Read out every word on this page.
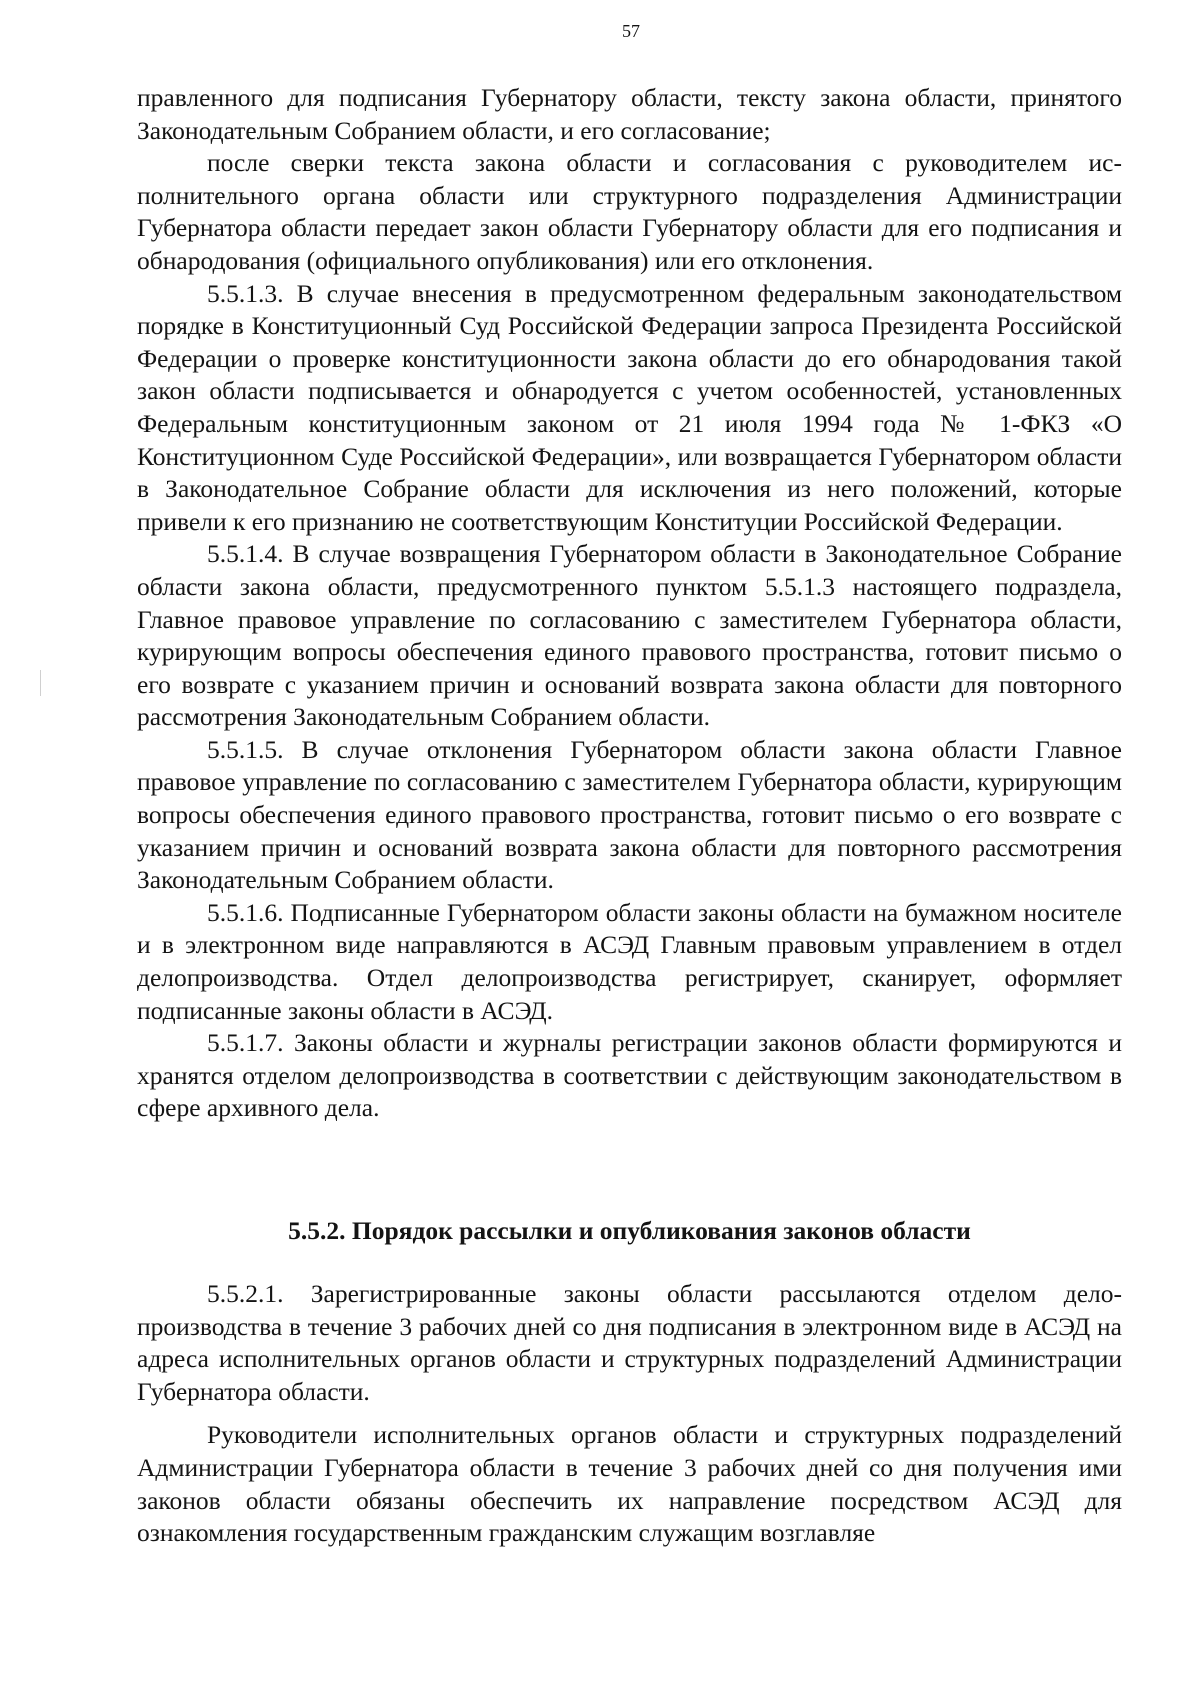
57

правленного для подписания Губернатору области, тексту закона области, принятого Законодательным Собранием области, и его согласование;

после сверки текста закона области и согласования с руководителем исполнительного органа области или структурного подразделения Администрации Губернатора области передает закон области Губернатору области для его подписания и обнародования (официального опубликования) или его отклонения.

5.5.1.3. В случае внесения в предусмотренном федеральным законодательством порядке в Конституционный Суд Российской Федерации запроса Президента Российской Федерации о проверке конституционности закона области до его обнародования такой закон области подписывается и обнародуется с учетом особенностей, установленных Федеральным конституционным законом от 21 июля 1994 года № 1-ФКЗ «О Конституционном Суде Российской Федерации», или возвращается Губернатором области в Законодательное Собрание области для исключения из него положений, которые привели к его признанию не соответствующим Конституции Российской Федерации.

5.5.1.4. В случае возвращения Губернатором области в Законодательное Собрание области закона области, предусмотренного пунктом 5.5.1.3 настоящего подраздела, Главное правовое управление по согласованию с заместителем Губернатора области, курирующим вопросы обеспечения единого правового пространства, готовит письмо о его возврате с указанием причин и оснований возврата закона области для повторного рассмотрения Законодательным Собранием области.

5.5.1.5. В случае отклонения Губернатором области закона области Главное правовое управление по согласованию с заместителем Губернатора области, курирующим вопросы обеспечения единого правового пространства, готовит письмо о его возврате с указанием причин и оснований возврата закона области для повторного рассмотрения Законодательным Собранием области.

5.5.1.6. Подписанные Губернатором области законы области на бумажном носителе и в электронном виде направляются в АСЭД Главным правовым управлением в отдел делопроизводства. Отдел делопроизводства регистрирует, сканирует, оформляет подписанные законы области в АСЭД.

5.5.1.7. Законы области и журналы регистрации законов области формируются и хранятся отделом делопроизводства в соответствии с действующим законодательством в сфере архивного дела.

5.5.2. Порядок рассылки и опубликования законов области

5.5.2.1. Зарегистрированные законы области рассылаются отделом делопроизводства в течение 3 рабочих дней со дня подписания в электронном виде в АСЭД на адреса исполнительных органов области и структурных подразделений Администрации Губернатора области.

Руководители исполнительных органов области и структурных подразделений Администрации Губернатора области в течение 3 рабочих дней со дня получения ими законов области обязаны обеспечить их направление посредством АСЭД для ознакомления государственным гражданским служащим возглавляе
